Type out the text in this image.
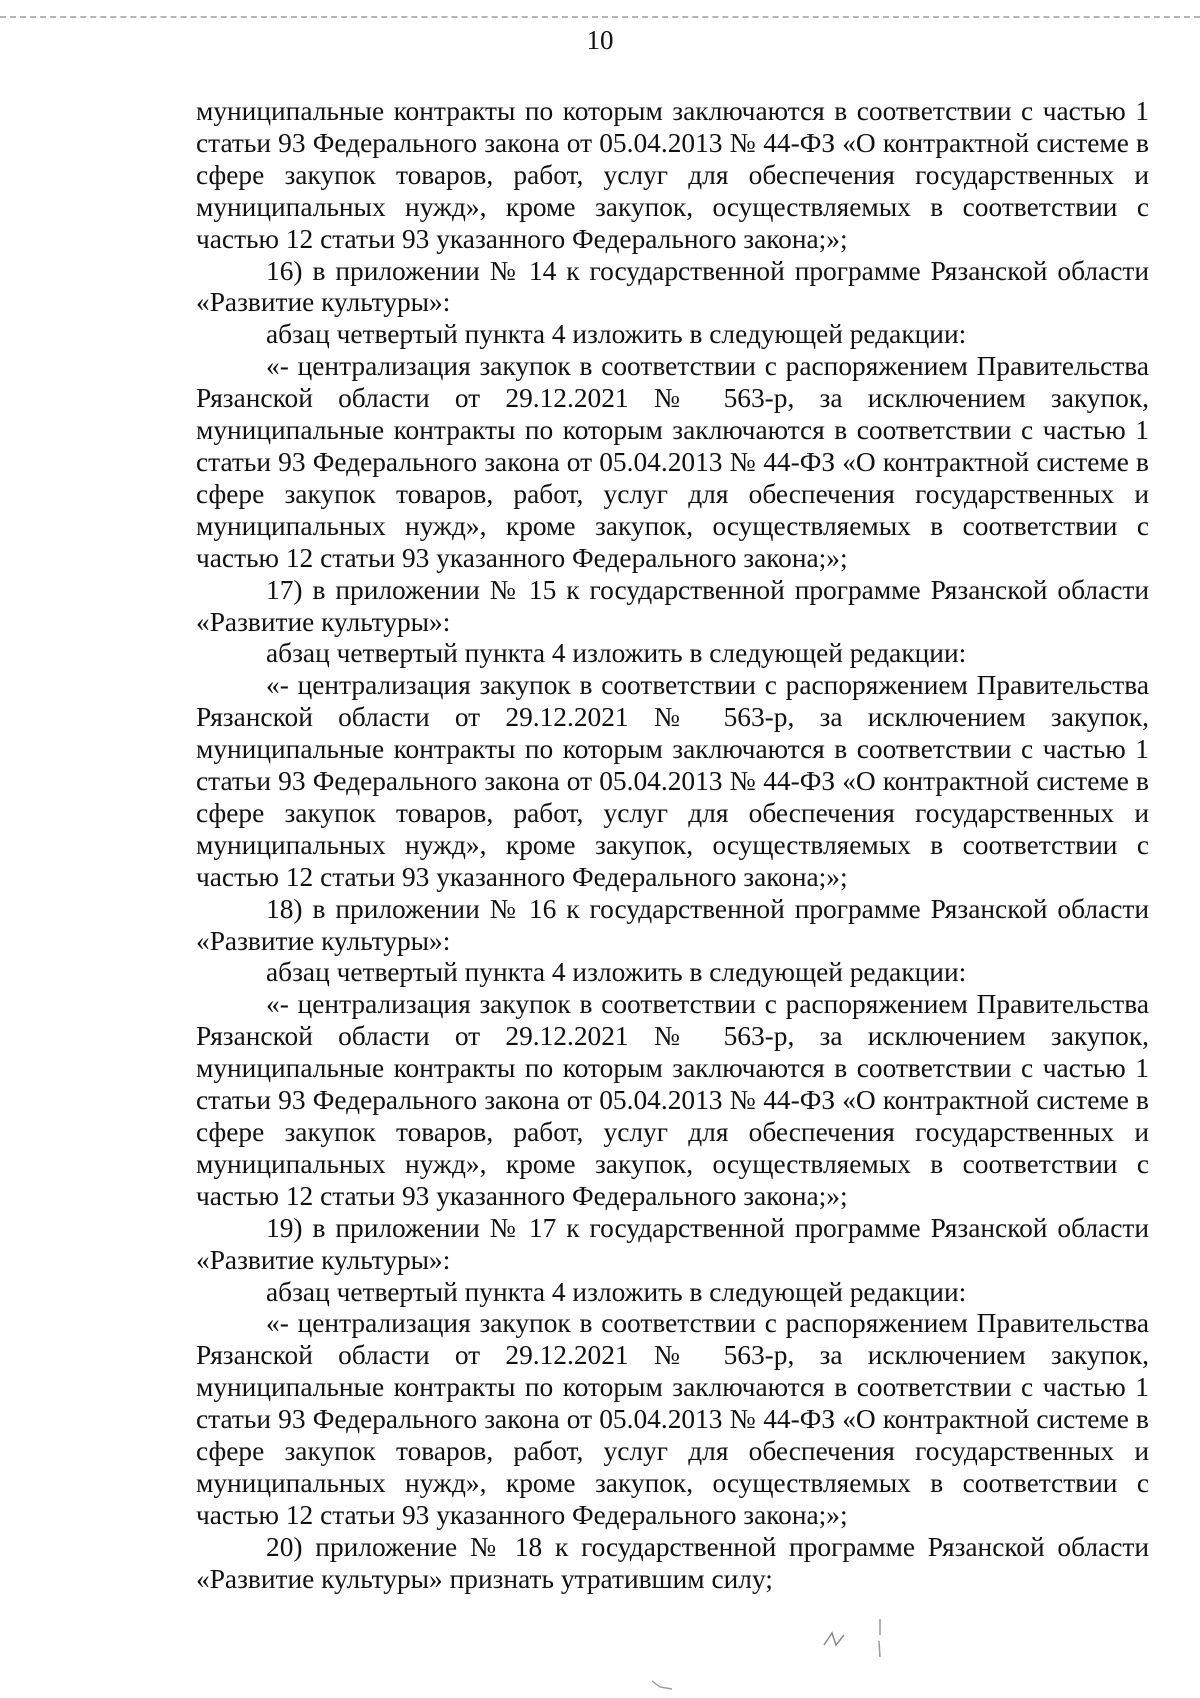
10

муниципальные контракты по которым заключаются в соответствии с частью 1 статьи 93 Федерального закона от 05.04.2013 № 44-ФЗ «О контрактной системе в сфере закупок товаров, работ, услуг для обеспечения государственных и муниципальных нужд», кроме закупок, осуществляемых в соответствии с частью 12 статьи 93 указанного Федерального закона;»;

16) в приложении № 14 к государственной программе Рязанской области «Развитие культуры»:

абзац четвертый пункта 4 изложить в следующей редакции:

«- централизация закупок в соответствии с распоряжением Правительства Рязанской области от 29.12.2021 № 563-р, за исключением закупок, муниципальные контракты по которым заключаются в соответствии с частью 1 статьи 93 Федерального закона от 05.04.2013 № 44-ФЗ «О контрактной системе в сфере закупок товаров, работ, услуг для обеспечения государственных и муниципальных нужд», кроме закупок, осуществляемых в соответствии с частью 12 статьи 93 указанного Федерального закона;»;

17) в приложении № 15 к государственной программе Рязанской области «Развитие культуры»:

абзац четвертый пункта 4 изложить в следующей редакции:

«- централизация закупок в соответствии с распоряжением Правительства Рязанской области от 29.12.2021 № 563-р, за исключением закупок, муниципальные контракты по которым заключаются в соответствии с частью 1 статьи 93 Федерального закона от 05.04.2013 № 44-ФЗ «О контрактной системе в сфере закупок товаров, работ, услуг для обеспечения государственных и муниципальных нужд», кроме закупок, осуществляемых в соответствии с частью 12 статьи 93 указанного Федерального закона;»;

18) в приложении № 16 к государственной программе Рязанской области «Развитие культуры»:

абзац четвертый пункта 4 изложить в следующей редакции:

«- централизация закупок в соответствии с распоряжением Правительства Рязанской области от 29.12.2021 № 563-р, за исключением закупок, муниципальные контракты по которым заключаются в соответствии с частью 1 статьи 93 Федерального закона от 05.04.2013 № 44-ФЗ «О контрактной системе в сфере закупок товаров, работ, услуг для обеспечения государственных и муниципальных нужд», кроме закупок, осуществляемых в соответствии с частью 12 статьи 93 указанного Федерального закона;»;

19) в приложении № 17 к государственной программе Рязанской области «Развитие культуры»:

абзац четвертый пункта 4 изложить в следующей редакции:

«- централизация закупок в соответствии с распоряжением Правительства Рязанской области от 29.12.2021 № 563-р, за исключением закупок, муниципальные контракты по которым заключаются в соответствии с частью 1 статьи 93 Федерального закона от 05.04.2013 № 44-ФЗ «О контрактной системе в сфере закупок товаров, работ, услуг для обеспечения государственных и муниципальных нужд», кроме закупок, осуществляемых в соответствии с частью 12 статьи 93 указанного Федерального закона;»;

20) приложение № 18 к государственной программе Рязанской области «Развитие культуры» признать утратившим силу;
